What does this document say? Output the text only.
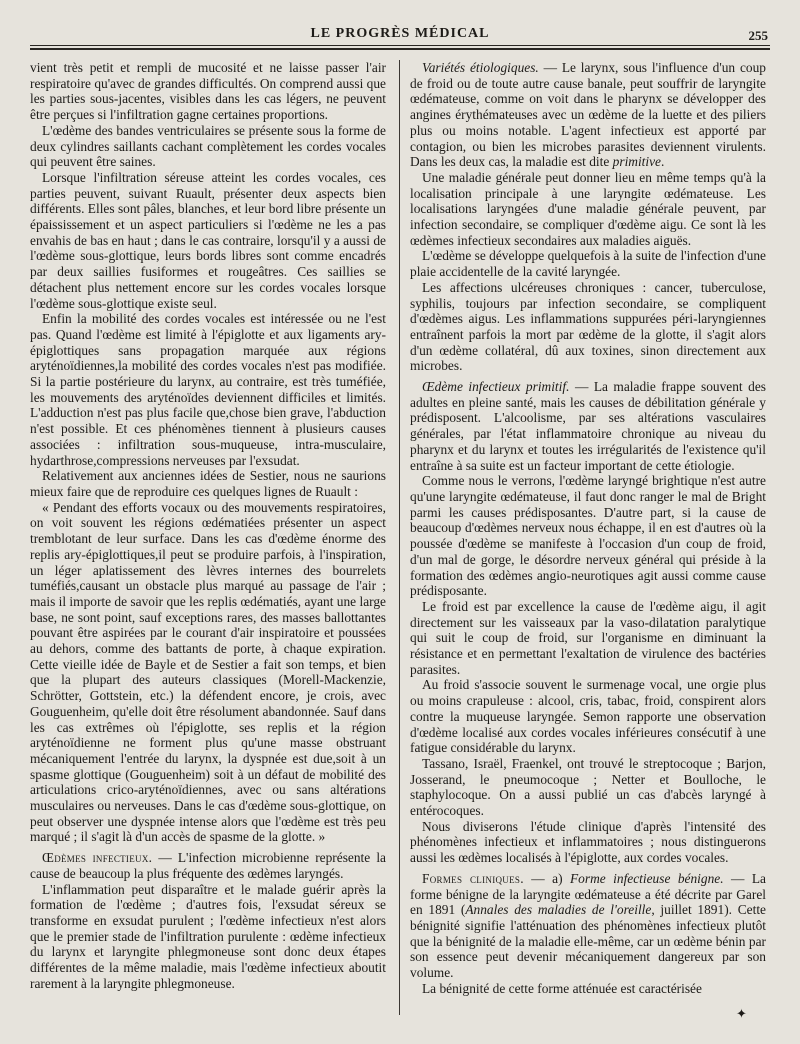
LE PROGRÈS MÉDICAL	255

vient très petit et rempli de mucosité et ne laisse passer l'air respiratoire qu'avec de grandes difficultés. On comprend aussi que les parties sous-jacentes, visibles dans les cas légers, ne peuvent être perçues si l'infiltration gagne certaines proportions.

L'œdème des bandes ventriculaires se présente sous la forme de deux cylindres saillants cachant complètement les cordes vocales qui peuvent être saines.

Lorsque l'infiltration séreuse atteint les cordes vocales, ces parties peuvent, suivant Ruault, présenter deux aspects bien différents. Elles sont pâles, blanches, et leur bord libre présente un épaississement et un aspect particuliers si l'œdème ne les a pas envahis de bas en haut ; dans le cas contraire, lorsqu'il y a aussi de l'œdème sous-glottique, leurs bords libres sont comme encadrés par deux saillies fusiformes et rougeâtres. Ces saillies se détachent plus nettement encore sur les cordes vocales lorsque l'œdème sous-glottique existe seul.

Enfin la mobilité des cordes vocales est intéressée ou ne l'est pas. Quand l'œdème est limité à l'épiglotte et aux ligaments ary-épiglottiques sans propagation marquée aux régions aryténoïdiennes,la mobilité des cordes vocales n'est pas modifiée. Si la partie postérieure du larynx, au contraire, est très tuméfiée, les mouvements des aryténoïdes deviennent difficiles et limités. L'adduction n'est pas plus facile que,chose bien grave, l'abduction n'est possible. Et ces phénomènes tiennent à plusieurs causes associées : infiltration sous-muqueuse, intra-musculaire, hydarthrose,compressions nerveuses par l'exsudat.

Relativement aux anciennes idées de Sestier, nous ne saurions mieux faire que de reproduire ces quelques lignes de Ruault :

« Pendant des efforts vocaux ou des mouvements respiratoires, on voit souvent les régions œdématiées présenter un aspect tremblotant de leur surface. Dans les cas d'œdème énorme des replis ary-épiglottiques,il peut se produire parfois, à l'inspiration, un léger aplatissement des lèvres internes des bourrelets tuméfiés,causant un obstacle plus marqué au passage de l'air ; mais il importe de savoir que les replis œdématiés, ayant une large base, ne sont point, sauf exceptions rares, des masses ballottantes pouvant être aspirées par le courant d'air inspiratoire et poussées au dehors, comme des battants de porte, à chaque expiration. Cette vieille idée de Bayle et de Sestier a fait son temps, et bien que la plupart des auteurs classiques (Morell-Mackenzie, Schrötter, Gottstein, etc.) la défendent encore, je crois, avec Gouguenheim, qu'elle doit être résolument abandonnée. Sauf dans les cas extrêmes où l'épiglotte, ses replis et la région aryténoïdienne ne forment plus qu'une masse obstruant mécaniquement l'entrée du larynx, la dyspnée est due,soit à un spasme glottique (Gouguenheim) soit à un défaut de mobilité des articulations crico-aryténoïdiennes, avec ou sans altérations musculaires ou nerveuses. Dans le cas d'œdème sous-glottique, on peut observer une dyspnée intense alors que l'œdème est très peu marqué ; il s'agit là d'un accès de spasme de la glotte. »

Œdèmes infectieux. — L'infection microbienne représente la cause de beaucoup la plus fréquente des œdèmes laryngés.

L'inflammation peut disparaître et le malade guérir après la formation de l'œdème ; d'autres fois, l'exsudat séreux se transforme en exsudat purulent ; l'œdème infectieux n'est alors que le premier stade de l'infiltration purulente : œdème infectieux du larynx et laryngite phlegmoneuse sont donc deux étapes différentes de la même maladie, mais l'œdème infectieux aboutit rarement à la laryngite phlegmoneuse.

Variétés étiologiques. — Le larynx, sous l'influence d'un coup de froid ou de toute autre cause banale, peut souffrir de laryngite œdémateuse, comme on voit dans le pharynx se développer des angines érythémateuses avec un œdème de la luette et des piliers plus ou moins notable. L'agent infectieux est apporté par contagion, ou bien les microbes parasites deviennent virulents. Dans les deux cas, la maladie est dite primitive.

Une maladie générale peut donner lieu en même temps qu'à la localisation principale à une laryngite œdémateuse. Les localisations laryngées d'une maladie générale peuvent, par infection secondaire, se compliquer d'œdème aigu. Ce sont là les œdèmes infectieux secondaires aux maladies aiguës.

L'œdème se développe quelquefois à la suite de l'infection d'une plaie accidentelle de la cavité laryngée.

Les affections ulcéreuses chroniques : cancer, tuberculose, syphilis, toujours par infection secondaire, se compliquent d'œdèmes aigus. Les inflammations suppurées péri-laryngiennes entraînent parfois la mort par œdème de la glotte, il s'agit alors d'un œdème collatéral, dû aux toxines, sinon directement aux microbes.

Œdème infectieux primitif. — La maladie frappe souvent des adultes en pleine santé, mais les causes de débilitation générale y prédisposent. L'alcoolisme, par ses altérations vasculaires générales, par l'état inflammatoire chronique au niveau du pharynx et du larynx et toutes les irrégularités de l'existence qu'il entraîne à sa suite est un facteur important de cette étiologie.

Comme nous le verrons, l'œdème laryngé brightique n'est autre qu'une laryngite œdémateuse, il faut donc ranger le mal de Bright parmi les causes prédisposantes. D'autre part, si la cause de beaucoup d'œdèmes nerveux nous échappe, il en est d'autres où la poussée d'œdème se manifeste à l'occasion d'un coup de froid, d'un mal de gorge, le désordre nerveux général qui préside à la formation des œdèmes angio-neurotiques agit aussi comme cause prédisposante.

Le froid est par excellence la cause de l'œdème aigu, il agit directement sur les vaisseaux par la vaso-dilatation paralytique qui suit le coup de froid, sur l'organisme en diminuant la résistance et en permettant l'exaltation de virulence des bactéries parasites.

Au froid s'associe souvent le surmenage vocal, une orgie plus ou moins crapuleuse : alcool, cris, tabac, froid, conspirent alors contre la muqueuse laryngée. Semon rapporte une observation d'œdème localisé aux cordes vocales inférieures consécutif à une fatigue considérable du larynx.

Tassano, Israël, Fraenkel, ont trouvé le streptocoque ; Barjon, Josserand, le pneumocoque ; Netter et Boulloche, le staphylocoque. On a aussi publié un cas d'abcès laryngé à entérocoques.

Nous diviserons l'étude clinique d'après l'intensité des phénomènes infectieux et inflammatoires ; nous distinguerons aussi les œdèmes localisés à l'épiglotte, aux cordes vocales.

Formes cliniques. — a) Forme infectieuse bénigne. — La forme bénigne de la laryngite œdémateuse a été décrite par Garel en 1891 (Annales des maladies de l'oreille, juillet 1891). Cette bénignité signifie l'atténuation des phénomènes infectieux plutôt que la bénignité de la maladie elle-même, car un œdème bénin par son essence peut devenir mécaniquement dangereux par son volume.

La bénignité de cette forme atténuée est caractérisée

✦
